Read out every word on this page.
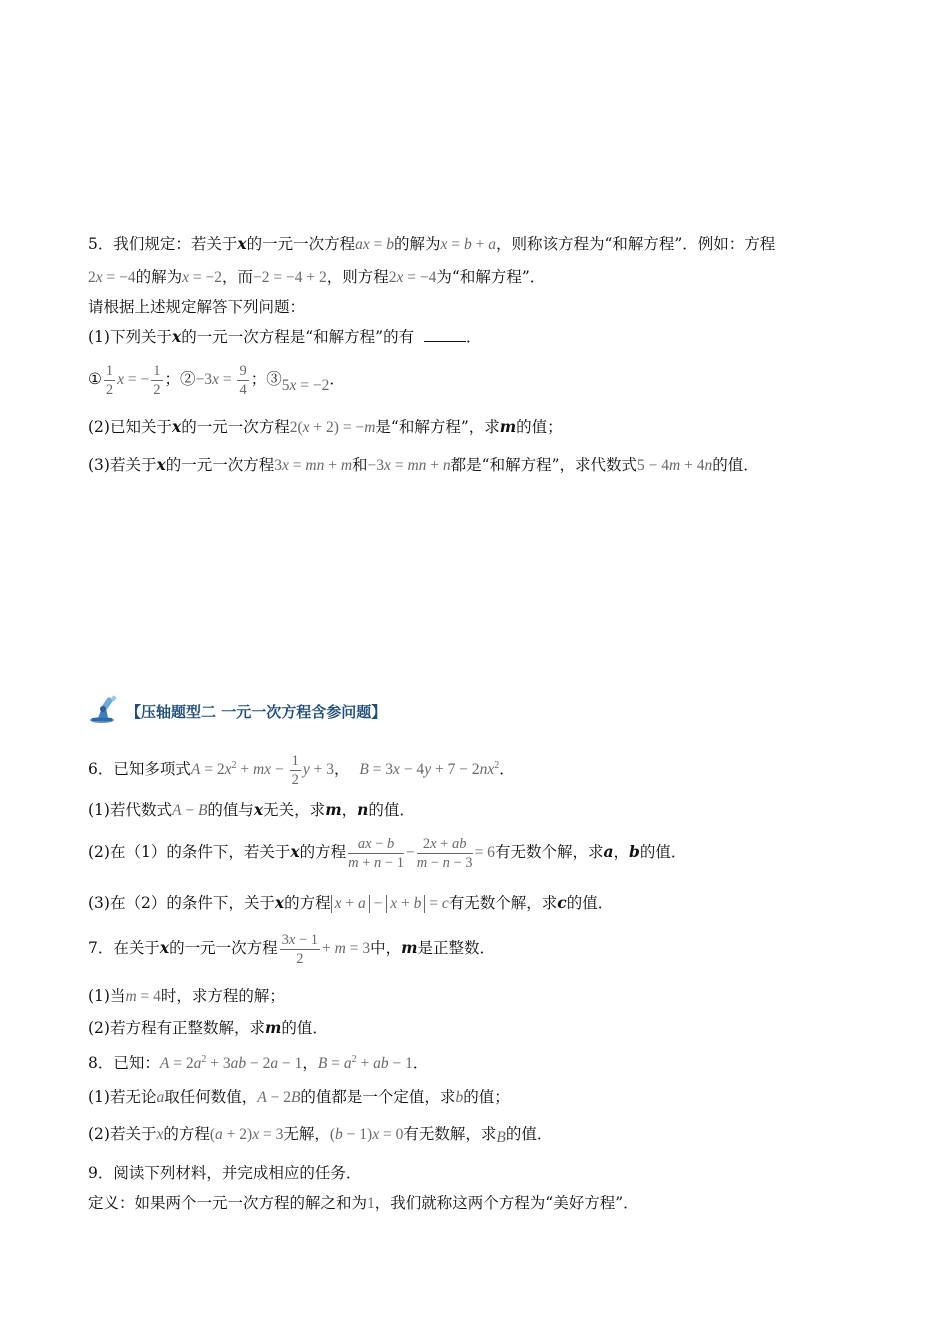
5．我们规定：若关于x的一元一次方程ax = b的解为x = b + a，则称该方程为“和解方程”．例如：方程
2x = −4的解为x = −2，而−2 = −4 + 2，则方程2x = −4为“和解方程”．
请根据上述规定解答下列问题：
(1)下列关于x的一元一次方程是“和解方程”的有	．
① $\frac{1}{2}$ x = − $\frac{1}{2}$ ；②−3x = $\frac{9}{4}$ ；③5x = −2．
(2)已知关于x的一元一次方程2(x + 2) = −m是“和解方程”，求m的值；
(3)若关于x的一元一次方程3x = mn + m和−3x = mn + n都是“和解方程”，求代数式5 − 4m + 4n的值．
【压轴题型二 一元一次方程含参问题】
6．已知多项式$A = 2x^2$ + mx − $\frac{1}{2}$ y + 3， $B = 3x - 4y + 7 - 2nx^2$．
(1)若代数式A − B的值与x无关，求m，n的值．
(2)在（1）的条件下，若关于x的方程 $\frac{ax - b}{m + n - 1} - \frac{2x + ab}{m - n - 3} = 6$有无数个解，求a，b的值．
(3)在（2）的条件下，关于x的方程 x + a − x + b = c有无数个解，求c的值．
7．在关于x的一元一次方程 $\frac{3x - 1}{2} + m = 3$中，m是正整数．
(1)当m = 4时，求方程的解；
(2)若方程有正整数解，求m的值．
8．已知：$A = 2a^2 + 3ab - 2a - 1$，$B = a^2$ + ab − 1．
(1)若无论a取任何数值，A − 2B的值都是一个定值，求b的值；
(2)若关于x的方程(a + 2)x = 3无解，(b − 1)x = 0有无数解，求B的值．
9．阅读下列材料，并完成相应的任务．
定义：如果两个一元一次方程的解之和为1，我们就称这两个方程为“美好方程”．
